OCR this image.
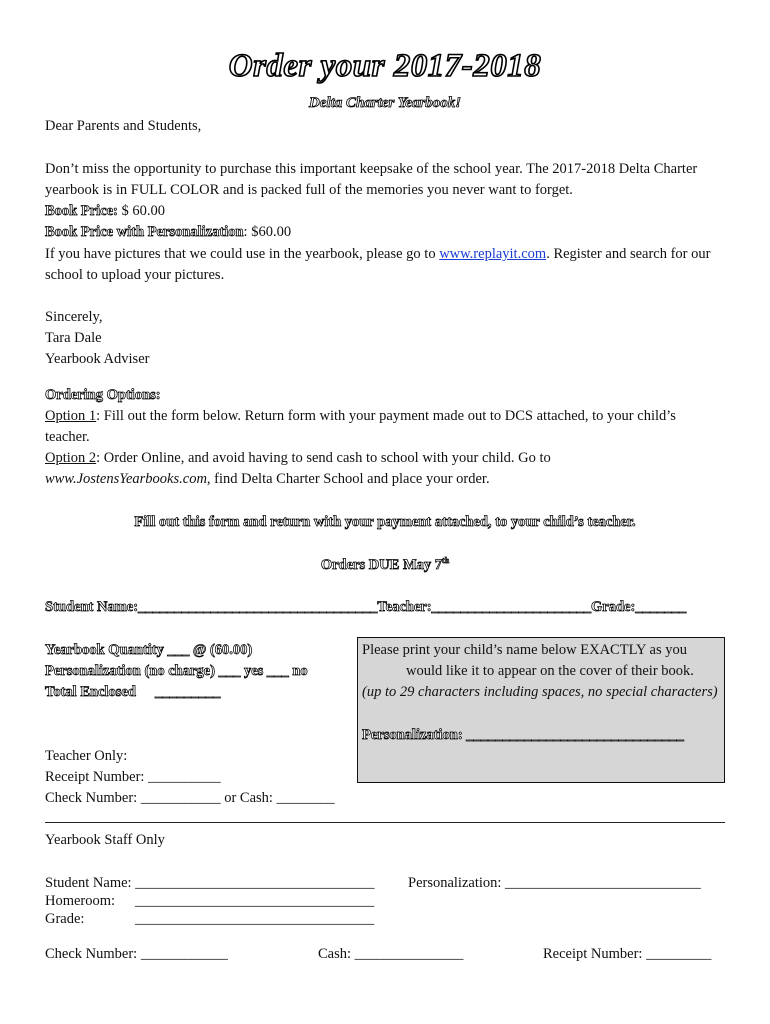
Order your 2017-2018
Delta Charter Yearbook!
Dear Parents and Students,
Don’t miss the opportunity to purchase this important keepsake of the school year. The 2017-2018 Delta Charter
yearbook is in FULL COLOR and is packed full of the memories you never want to forget.
Book Price: $ 60.00
Book Price with Personalization: $60.00
If you have pictures that we could use in the yearbook, please go to www.replayit.com. Register and search for our
school to upload your pictures.
Sincerely,
Tara Dale
Yearbook Adviser
Ordering Options:
Option 1: Fill out the form below. Return form with your payment made out to DCS attached, to your child’s
teacher.
Option 2: Order Online, and avoid having to send cash to school with your child. Go to
www.JostensYearbooks.com, find Delta Charter School and place your order.
Fill out this form and return with your payment attached, to your child’s teacher.
Orders DUE May 7th
Student Name:_________________________________Teacher:______________________Grade:_______
Yearbook Quantity ___ @ (60.00)
Personalization (no charge) ___ yes ___ no
Total Enclosed _________
Please print your child’s name below EXACTLY as you
would like it to appear on the cover of their book.
(up to 29 characters including spaces, no special characters)
Personalization: ______________________________
Teacher Only:
Receipt Number: __________
Check Number: ___________ or Cash: ________
Yearbook Staff Only
Student Name: _________________________________ Personalization: ___________________________
Homeroom: _________________________________
Grade:	_________________________________
Check Number: ____________	Cash: _______________	Receipt Number: _________
